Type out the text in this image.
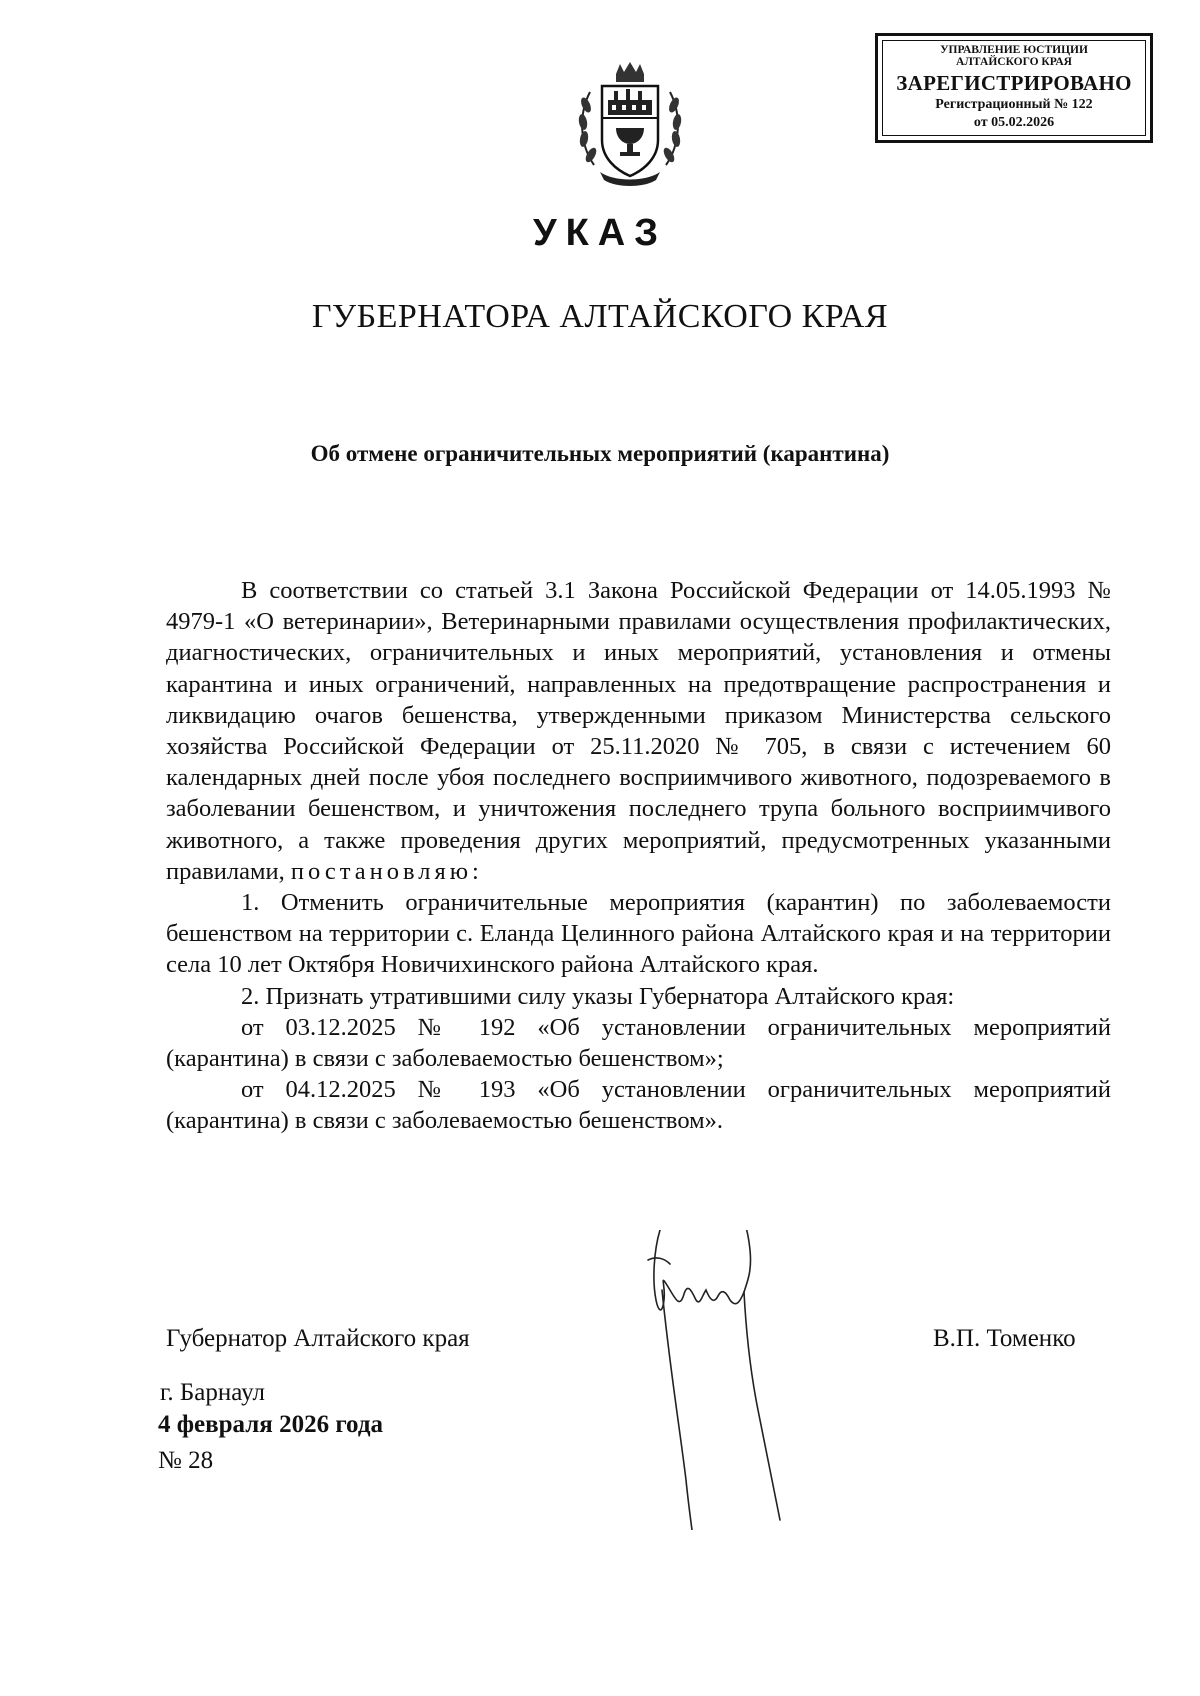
УПРАВЛЕНИЕ ЮСТИЦИИ
АЛТАЙСКОГО КРАЯ
ЗАРЕГИСТРИРОВАНО
Регистрационный № 122
от 05.02.2026
УКАЗ
ГУБЕРНАТОРА АЛТАЙСКОГО КРАЯ
Об отмене ограничительных мероприятий (карантина)

В соответствии со статьей 3.1 Закона Российской Федерации от 14.05.1993 № 4979-1 «О ветеринарии», Ветеринарными правилами осуществления профилактических, диагностических, ограничительных и иных мероприятий, установления и отмены карантина и иных ограничений, направленных на предотвращение распространения и ликвидацию очагов бешенства, утвержденными приказом Министерства сельского хозяйства Российской Федерации от 25.11.2020 № 705, в связи с истечением 60 календарных дней после убоя последнего восприимчивого животного, подозреваемого в заболевании бешенством, и уничтожения последнего трупа больного восприимчивого животного, а также проведения других мероприятий, предусмотренных указанными правилами, постановляю:

1. Отменить ограничительные мероприятия (карантин) по заболеваемости бешенством на территории с. Еланда Целинного района Алтайского края и на территории села 10 лет Октября Новичихинского района Алтайского края.

2. Признать утратившими силу указы Губернатора Алтайского края:

от 03.12.2025 № 192 «Об установлении ограничительных мероприятий (карантина) в связи с заболеваемостью бешенством»;

от 04.12.2025 № 193 «Об установлении ограничительных мероприятий (карантина) в связи с заболеваемостью бешенством».

Губернатор Алтайского края	В.П. Томенко
г. Барнаул
4 февраля 2026 года
№ 28
